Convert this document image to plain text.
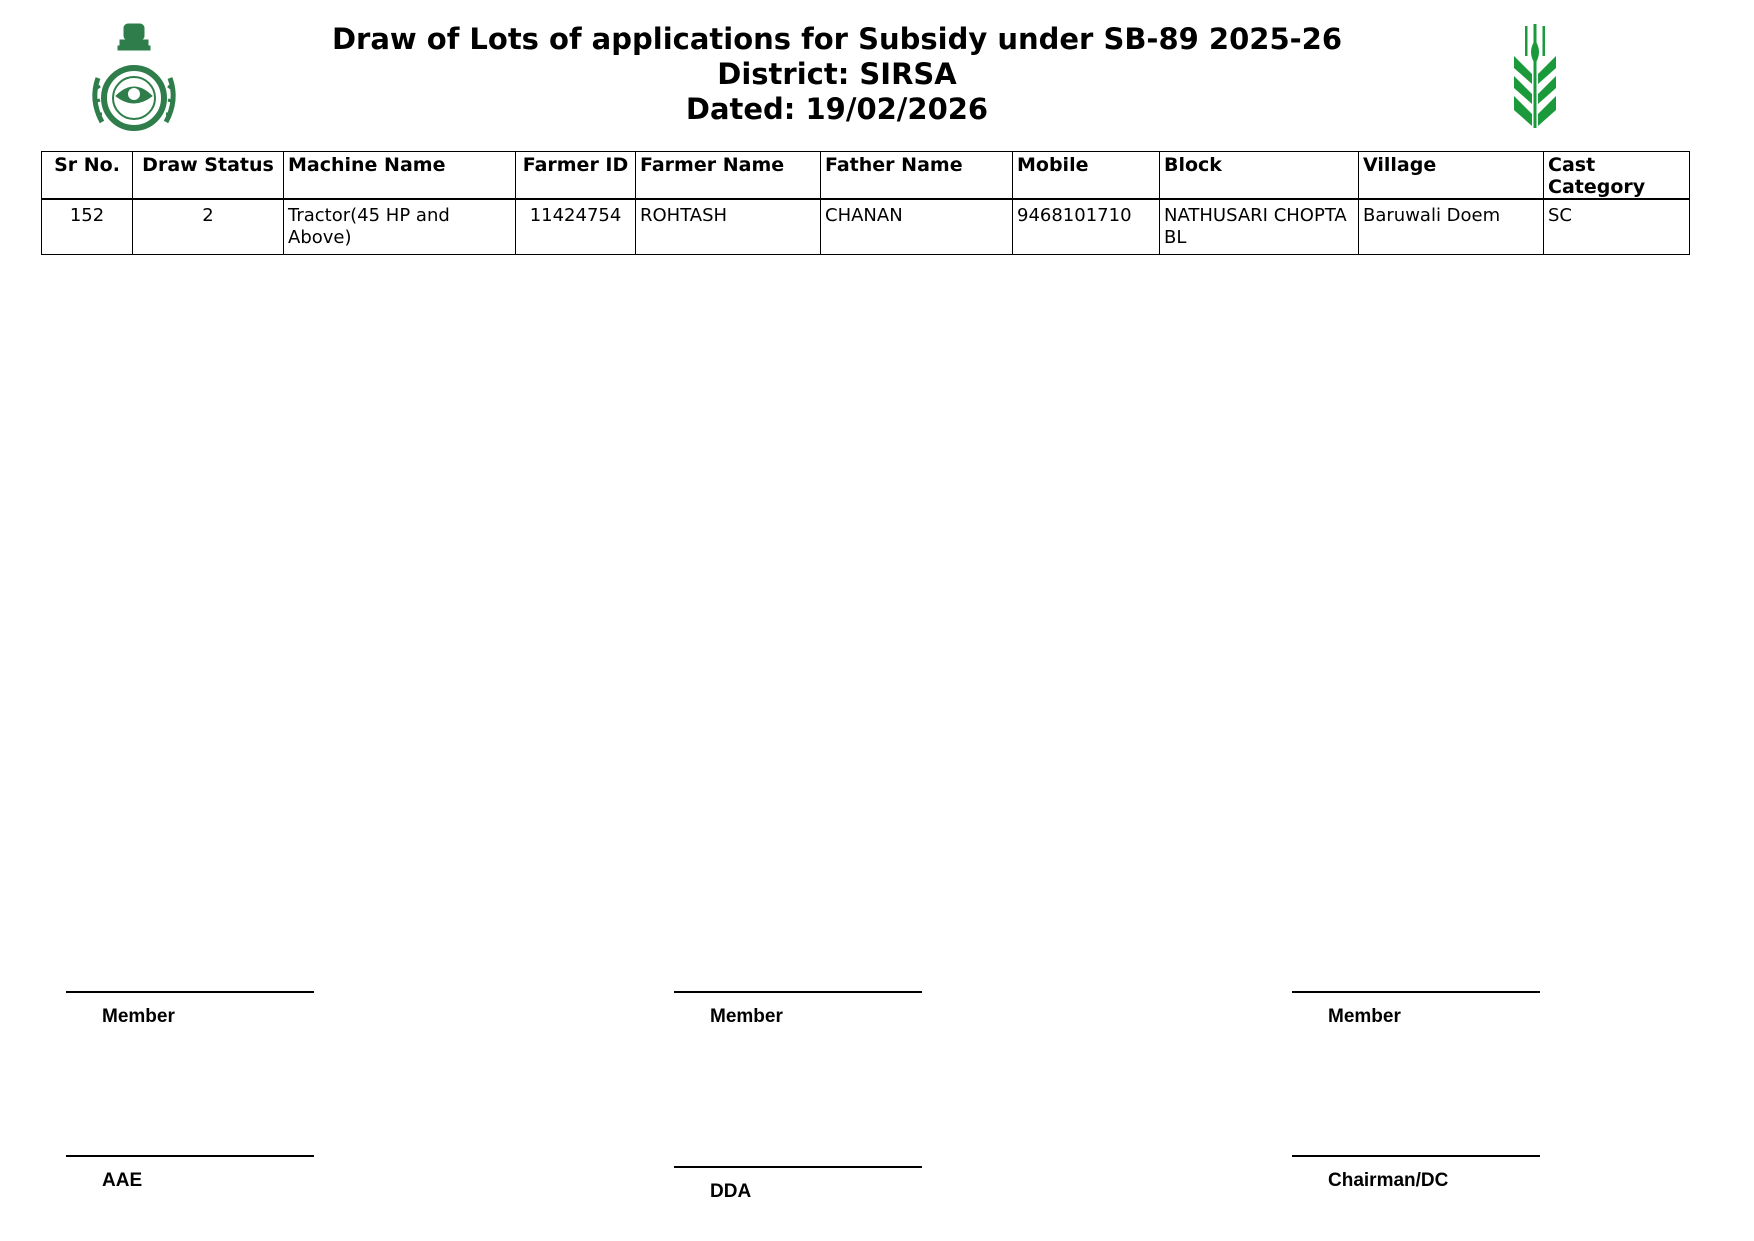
Draw of Lots of applications for Subsidy under SB-89 2025-26
District: SIRSA
Dated: 19/02/2026
Sr No.	Draw Status	Machine Name	Farmer ID	Farmer Name	Father Name	Mobile	Block	Village	Cast Category
152	2	Tractor(45 HP and Above)	11424754	ROHTASH	CHANAN	9468101710	NATHUSARI CHOPTA BL	Baruwali Doem	SC
Member	Member	Member
AAE
DDA
Chairman/DC
